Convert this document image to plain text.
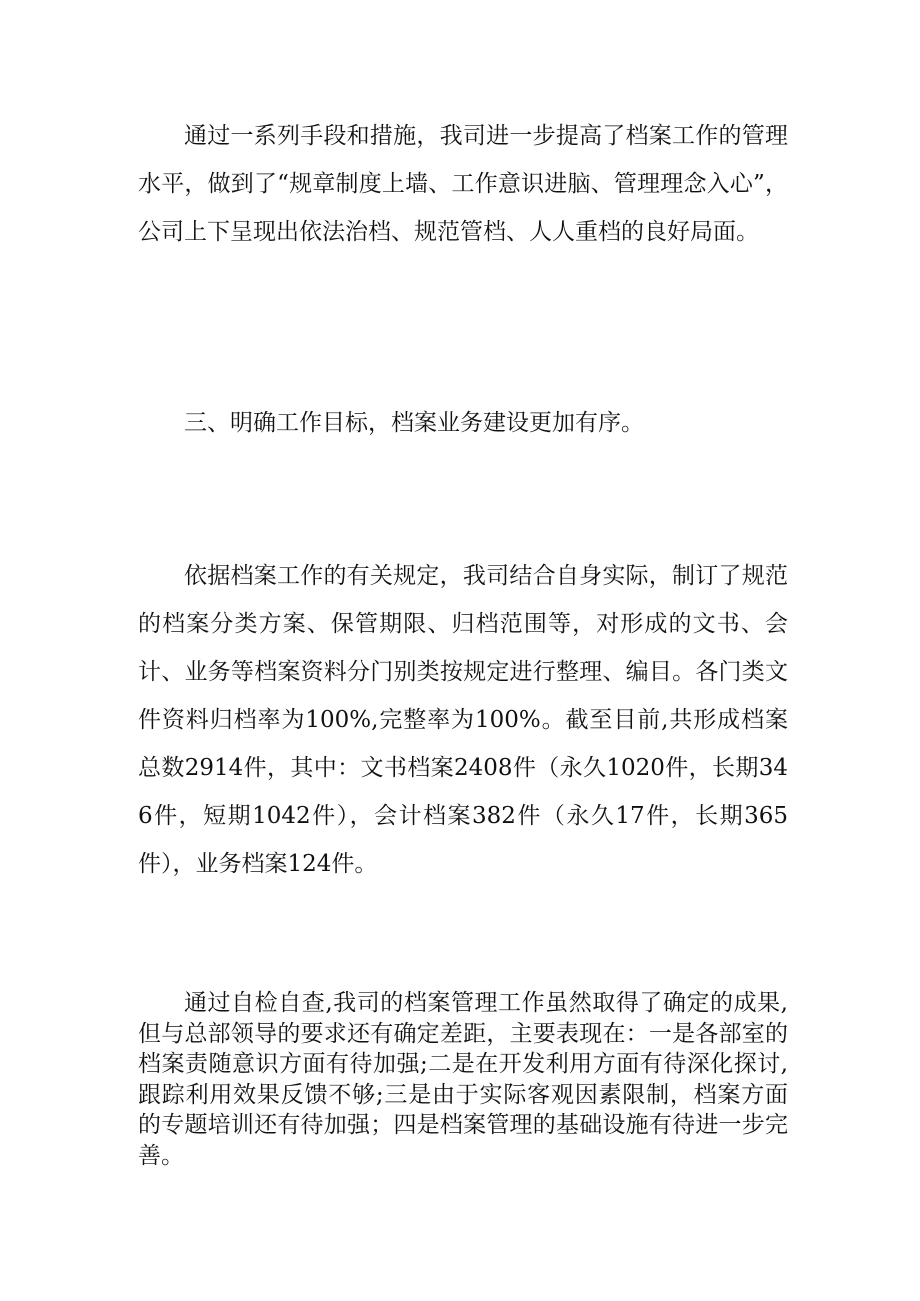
通过一系列手段和措施，我司进一步提高了档案工作的管理水平，做到了“规章制度上墙、工作意识进脑、管理理念入心”，公司上下呈现出依法治档、规范管档、人人重档的良好局面。

三、明确工作目标，档案业务建设更加有序。

依据档案工作的有关规定，我司结合自身实际，制订了规范的档案分类方案、保管期限、归档范围等，对形成的文书、会计、业务等档案资料分门别类按规定进行整理、编目。各门类文件资料归档率为100%,完整率为100%。截至目前,共形成档案总数2914件，其中：文书档案2408件（永久1020件，长期346件，短期1042件），会计档案382件（永久17件，长期365件），业务档案124件。

通过自检自查,我司的档案管理工作虽然取得了确定的成果,但与总部领导的要求还有确定差距，主要表现在：一是各部室的档案责随意识方面有待加强;二是在开发利用方面有待深化探讨,跟踪利用效果反馈不够;三是由于实际客观因素限制，档案方面的专题培训还有待加强；四是档案管理的基础设施有待进一步完善。
